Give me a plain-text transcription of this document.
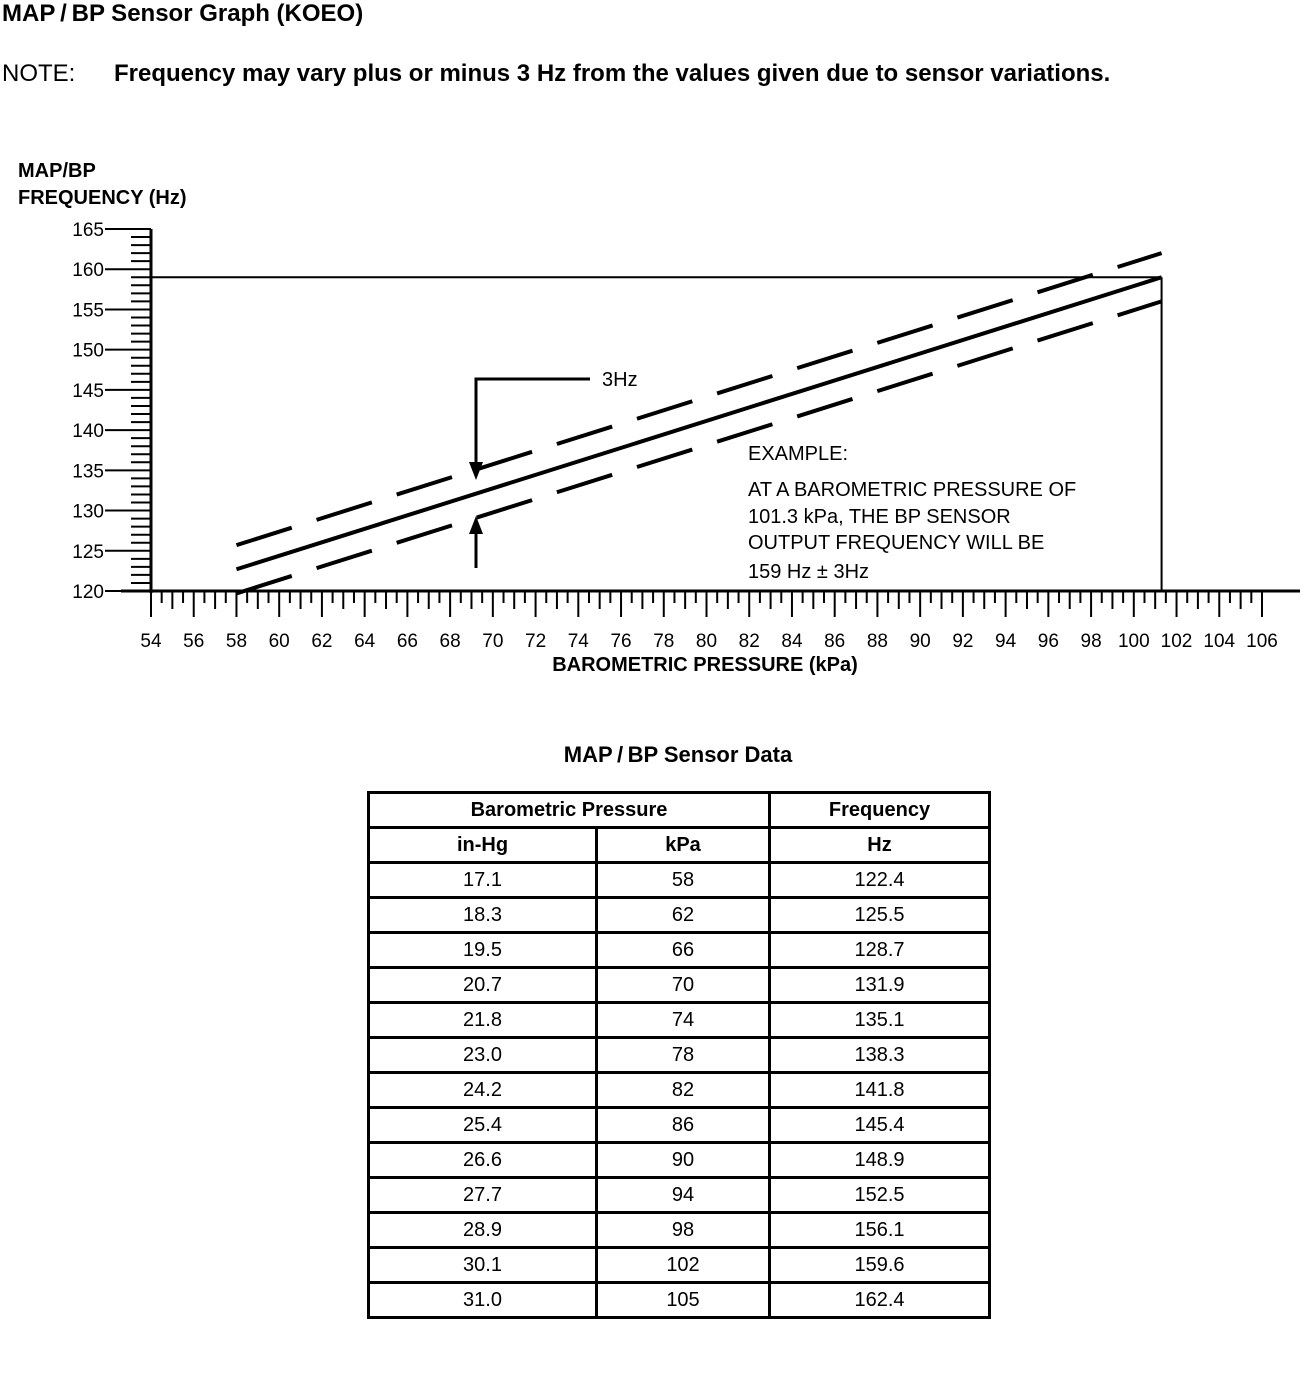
MAP / BP Sensor Graph (KOEO)
NOTE: Frequency may vary plus or minus 3 Hz from the values given due to sensor variations.
MAP/BP
FREQUENCY (Hz)
120
125
130
135
140
145
150
155
160
165
54 56 58 60 62 64 66 68 70 72 74 76 78 80 82 84 86 88 90 92 94 96 98 100 102 104 106
BAROMETRIC PRESSURE (kPa)
3Hz
EXAMPLE:
AT A BAROMETRIC PRESSURE OF
101.3 kPa, THE BP SENSOR
OUTPUT FREQUENCY WILL BE
159 Hz ± 3Hz
MAP / BP Sensor Data
Barometric Pressure		Frequency
in-Hg	kPa	Hz
17.1	58	122.4
18.3	62	125.5
19.5	66	128.7
20.7	70	131.9
21.8	74	135.1
23.0	78	138.3
24.2	82	141.8
25.4	86	145.4
26.6	90	148.9
27.7	94	152.5
28.9	98	156.1
30.1	102	159.6
31.0	105	162.4
